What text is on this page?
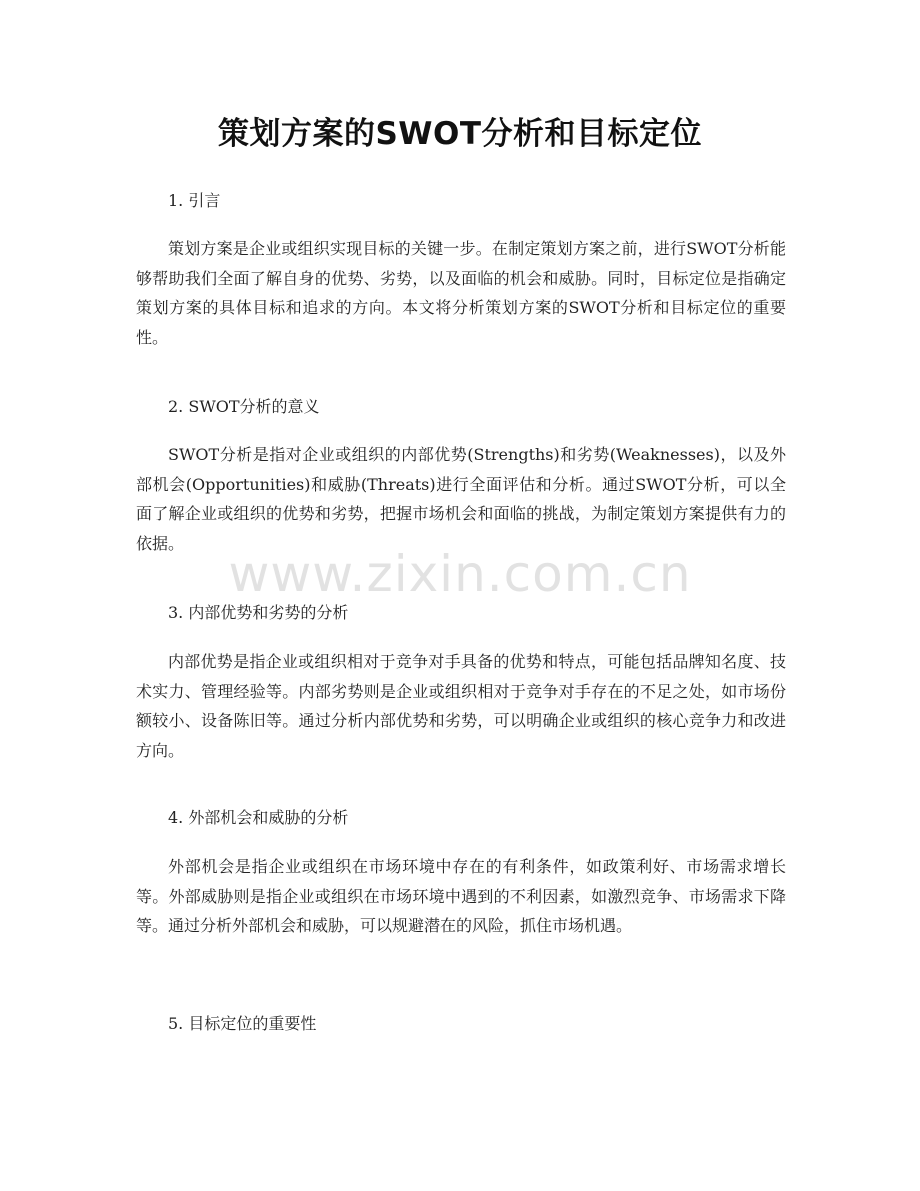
策划方案的SWOT分析和目标定位

1. 引言

策划方案是企业或组织实现目标的关键一步。在制定策划方案之前，进行SWOT分析能够帮助我们全面了解自身的优势、劣势，以及面临的机会和威胁。同时，目标定位是指确定策划方案的具体目标和追求的方向。本文将分析策划方案的SWOT分析和目标定位的重要性。

2. SWOT分析的意义

SWOT分析是指对企业或组织的内部优势(Strengths)和劣势(Weaknesses)，以及外部机会(Opportunities)和威胁(Threats)进行全面评估和分析。通过SWOT分析，可以全面了解企业或组织的优势和劣势，把握市场机会和面临的挑战，为制定策划方案提供有力的依据。

3. 内部优势和劣势的分析

内部优势是指企业或组织相对于竞争对手具备的优势和特点，可能包括品牌知名度、技术实力、管理经验等。内部劣势则是企业或组织相对于竞争对手存在的不足之处，如市场份额较小、设备陈旧等。通过分析内部优势和劣势，可以明确企业或组织的核心竞争力和改进方向。

4. 外部机会和威胁的分析

外部机会是指企业或组织在市场环境中存在的有利条件，如政策利好、市场需求增长等。外部威胁则是指企业或组织在市场环境中遇到的不利因素，如激烈竞争、市场需求下降等。通过分析外部机会和威胁，可以规避潜在的风险，抓住市场机遇。

5. 目标定位的重要性

www.zixin.com.cn
